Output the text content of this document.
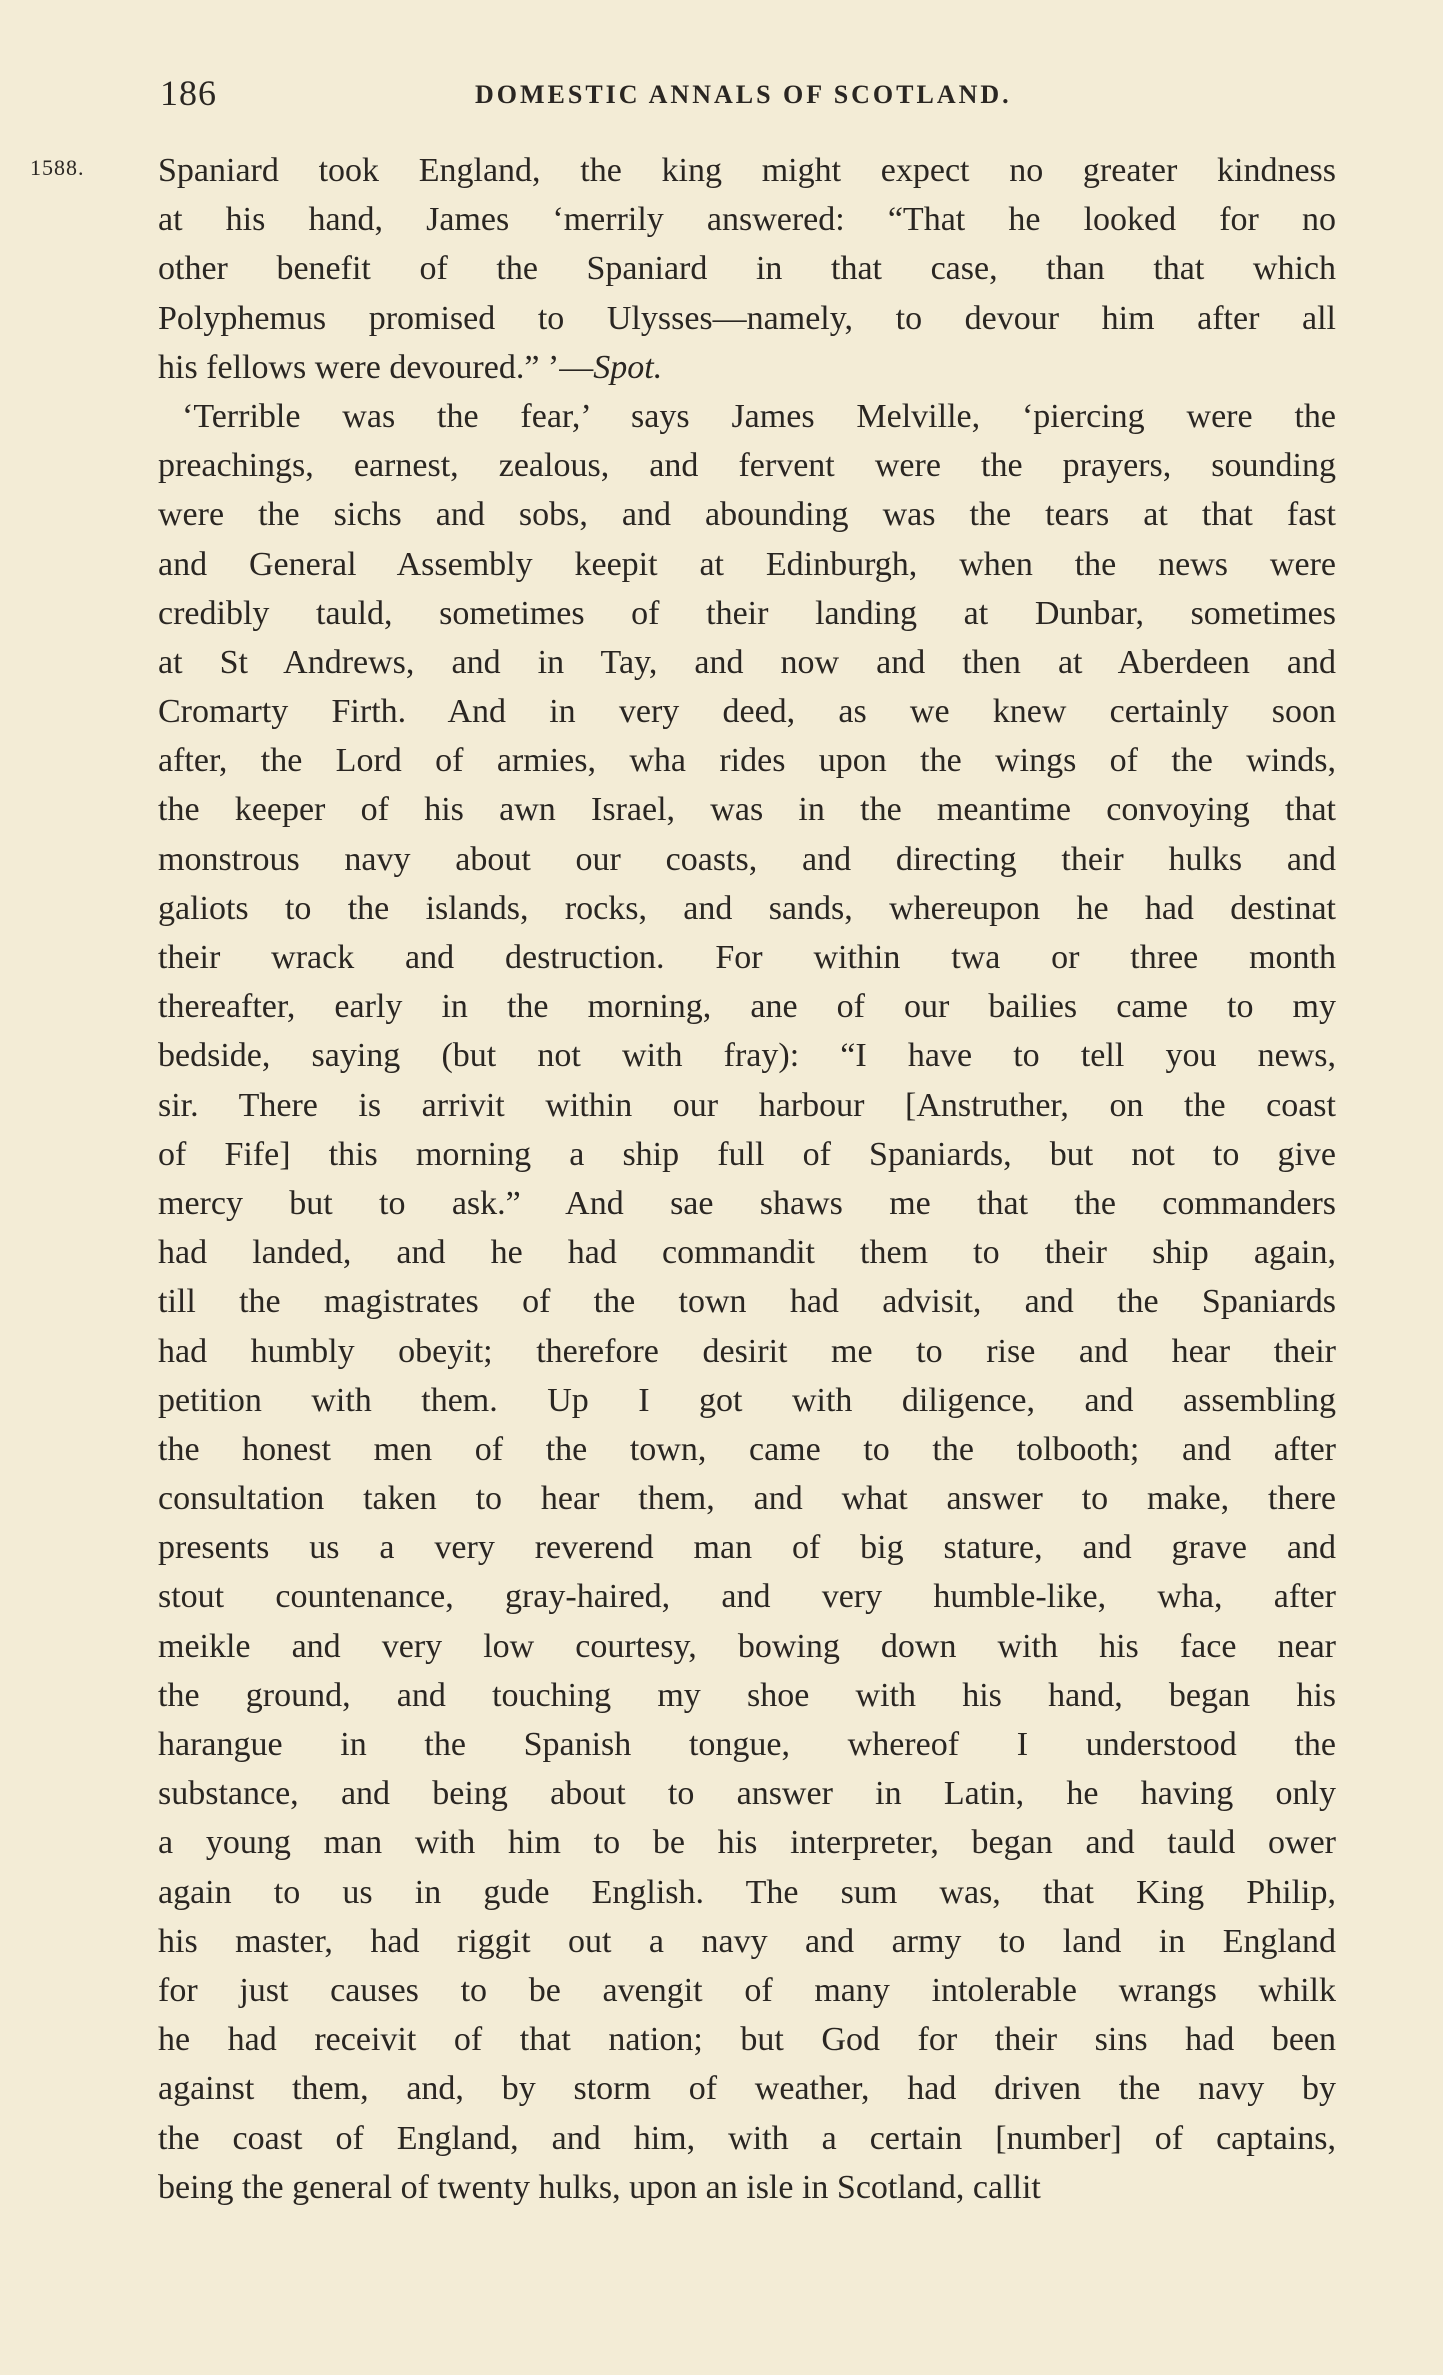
186	DOMESTIC ANNALS OF SCOTLAND.
1588. Spaniard took England, the king might expect no greater kindness
at his hand, James ‘merrily answered: “That he looked for no
other benefit of the Spaniard in that case, than that which
Polyphemus promised to Ulysses—namely, to devour him after all
his fellows were devoured.” ’—Spot.
‘Terrible was the fear,’ says James Melville, ‘piercing were the
preachings, earnest, zealous, and fervent were the prayers, sounding
were the sichs and sobs, and abounding was the tears at that fast
and General Assembly keepit at Edinburgh, when the news were
credibly tauld, sometimes of their landing at Dunbar, sometimes
at St Andrews, and in Tay, and now and then at Aberdeen and
Cromarty Firth. And in very deed, as we knew certainly soon
after, the Lord of armies, wha rides upon the wings of the winds,
the keeper of his awn Israel, was in the meantime convoying that
monstrous navy about our coasts, and directing their hulks and
galiots to the islands, rocks, and sands, whereupon he had destinat
their wrack and destruction. For within twa or three month
thereafter, early in the morning, ane of our bailies came to my
bedside, saying (but not with fray): “I have to tell you news,
sir. There is arrivit within our harbour [Anstruther, on the coast
of Fife] this morning a ship full of Spaniards, but not to give
mercy but to ask.” And sae shaws me that the commanders
had landed, and he had commandit them to their ship again,
till the magistrates of the town had advisit, and the Spaniards
had humbly obeyit; therefore desirit me to rise and hear their
petition with them. Up I got with diligence, and assembling
the honest men of the town, came to the tolbooth; and after
consultation taken to hear them, and what answer to make, there
presents us a very reverend man of big stature, and grave and
stout countenance, gray-haired, and very humble-like, wha, after
meikle and very low courtesy, bowing down with his face near
the ground, and touching my shoe with his hand, began his
harangue in the Spanish tongue, whereof I understood the
substance, and being about to answer in Latin, he having only
a young man with him to be his interpreter, began and tauld ower
again to us in gude English. The sum was, that King Philip,
his master, had riggit out a navy and army to land in England
for just causes to be avengit of many intolerable wrangs whilk
he had receivit of that nation; but God for their sins had been
against them, and, by storm of weather, had driven the navy by
the coast of England, and him, with a certain [number] of captains,
being the general of twenty hulks, upon an isle in Scotland, callit
